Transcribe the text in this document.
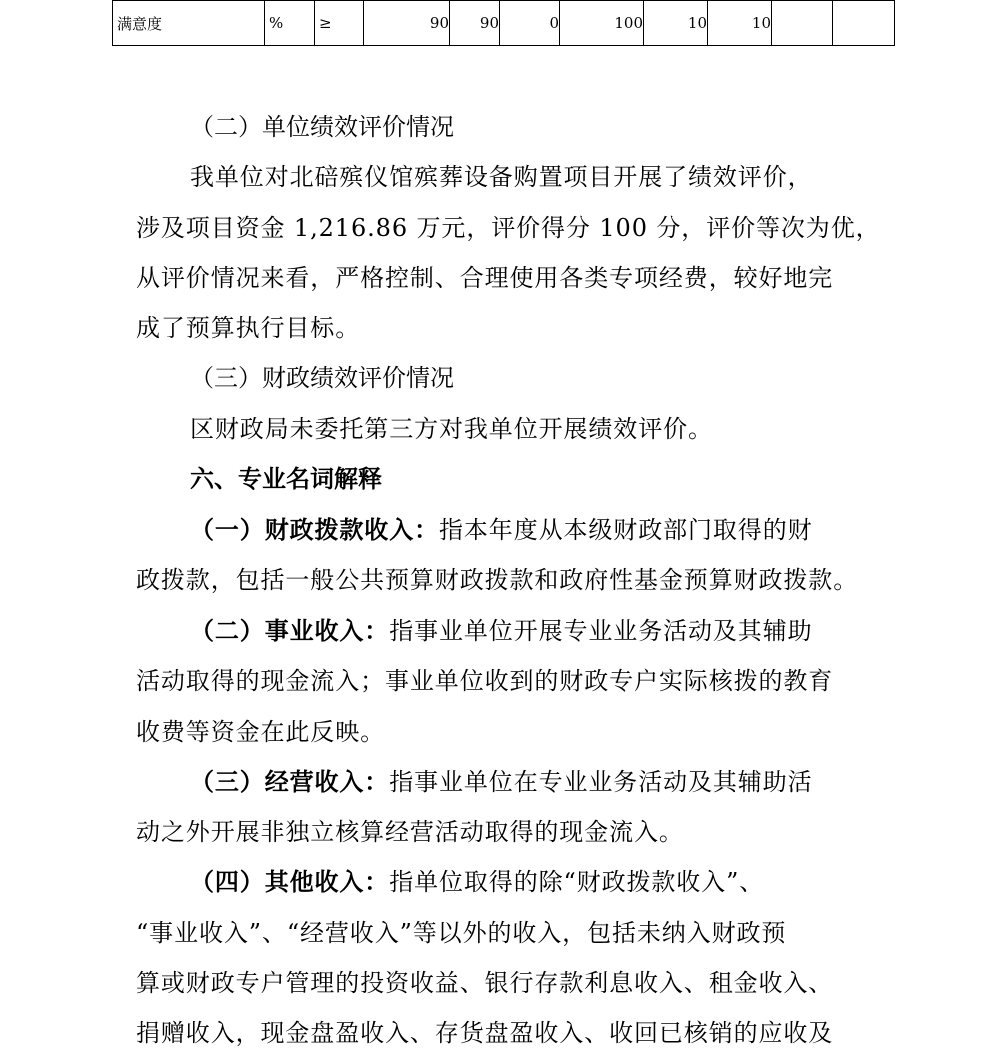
满意度	%	≥	90	90	0	100	10	10		
（二）单位绩效评价情况
我单位对北碚殡仪馆殡葬设备购置项目开展了绩效评价，
涉及项目资金 1,216.86 万元，评价得分 100 分，评价等次为优，
从评价情况来看，严格控制、合理使用各类专项经费，较好地完
成了预算执行目标。
（三）财政绩效评价情况
区财政局未委托第三方对我单位开展绩效评价。
六、专业名词解释
（一）财政拨款收入：指本年度从本级财政部门取得的财
政拨款，包括一般公共预算财政拨款和政府性基金预算财政拨款。
（二）事业收入：指事业单位开展专业业务活动及其辅助
活动取得的现金流入；事业单位收到的财政专户实际核拨的教育
收费等资金在此反映。
（三）经营收入：指事业单位在专业业务活动及其辅助活
动之外开展非独立核算经营活动取得的现金流入。
（四）其他收入：指单位取得的除“财政拨款收入”、
“事业收入”、“经营收入”等以外的收入，包括未纳入财政预
算或财政专户管理的投资收益、银行存款利息收入、租金收入、
捐赠收入，现金盘盈收入、存货盘盈收入、收回已核销的应收及
